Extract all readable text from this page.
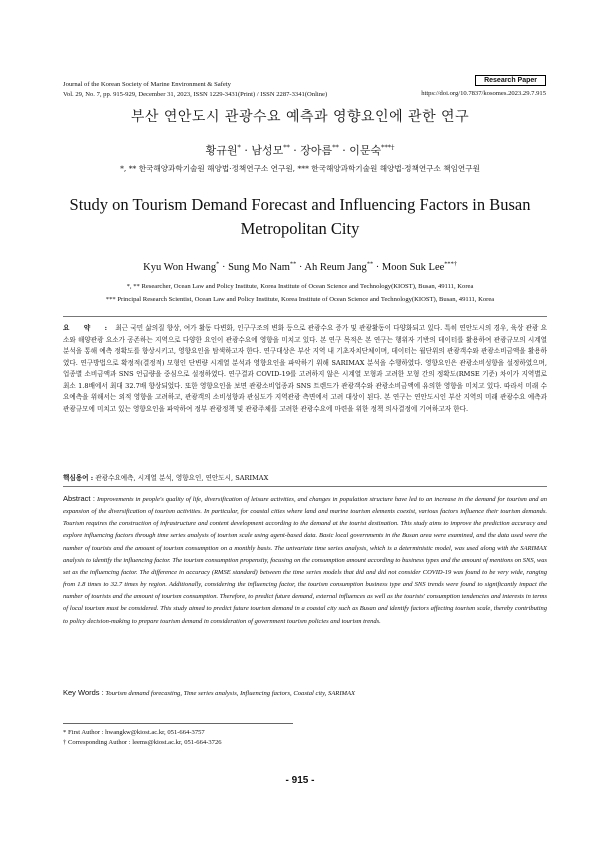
Journal of the Korean Society of Marine Environment & Safety
Vol. 29, No. 7, pp. 915-929, December 31, 2023, ISSN 1229-3431(Print) / ISSN 2287-3341(Online)
Research Paper
https://doi.org/10.7837/kosomes.2023.29.7.915
부산 연안도시 관광수요 예측과 영향요인에 관한 연구
황규원* · 남성모** · 장아름** · 이문숙***†
*, ** 한국해양과학기술원 해양법·정책연구소 연구원, *** 한국해양과학기술원 해양법·정책연구소 책임연구원
Study on Tourism Demand Forecast and Influencing Factors in Busan Metropolitan City
Kyu Won Hwang* · Sung Mo Nam** · Ah Reum Jang** · Moon Suk Lee***†
*, ** Researcher, Ocean Law and Policy Institute, Korea Institute of Ocean Science and Technology(KIOST), Busan, 49111, Korea
*** Principal Research Scientist, Ocean Law and Policy Institute, Korea Institute of Ocean Science and Technology(KIOST), Busan, 49111, Korea
요 약 : 최근 국민 삶의질 향상, 여가 활동 다변화, 인구구조의 변화 등으로 관광수요 증가 및 관광활동이 다양화되고 있다. 특히 연안도시의 경우, 육상 관광 요소와 해양관광 요소가 공존하는 지역으로 다양한 요인이 관광수요에 영향을 미치고 있다. 본 연구 목적은 본 연구는 행위자 기반의 데이터를 활용하여 관광규모의 시계열 분석을 통해 예측 정확도를 향상시키고, 영향요인을 탐색하고자 한다. 연구대상은 부산 지역 내 기초자치단체이며, 데이터는 월단위의 관광객수와 관광소비금액을 활용하였다. 연구방법으로 확정적(결정적) 모형인 단변량 시계열 분석과 영향요인을 파악하기 위해 SARIMAX 분석을 수행하였다. 영향요인은 관광소비성향을 설정하였으며, 업종별 소비금액과 SNS 언급량을 중심으로 설정하였다. 연구결과 COVID-19를 고려하지 않은 시계열 모형과 고려한 모형 간의 정확도(RMSE 기준) 차이가 지역별로 최소 1.8배에서 최대 32.7배 향상되었다. 또한 영향요인을 보면 관광소비업종과 SNS 트렌드가 관광객수와 관광소비금액에 유의한 영향을 미치고 있다. 따라서 미래 수요예측을 위해서는 외적 영향을 고려하고, 관광객의 소비성향과 관심도가 지역관광 측면에서 고려 대상이 된다. 본 연구는 연안도시인 부산 지역의 미래 관광수요 예측과 관광규모에 미치고 있는 영향요인을 파악하여 정부 관광정책 및 관광주체를 고려한 관광수요에 마련을 위한 정책 의사결정에 기여하고자 한다.
핵심용어 : 관광수요예측, 시계열 분석, 영향요인, 연안도시, SARIMAX
Abstract : Improvements in people's quality of life, diversification of leisure activities, and changes in population structure have led to an increase in the demand for tourism and an expansion of the diversification of tourism activities. In particular, for coastal cities where land and marine tourism elements coexist, various factors influence their tourism demands. Tourism requires the construction of infrastructure and content development according to the demand at the tourist destination. This study aims to improve the prediction accuracy and explore influencing factors through time series analysis of tourism scale using agent-based data. Basic local governments in the Busan area were examined, and the data used were the number of tourists and the amount of tourism consumption on a monthly basis. The univariate time series analysis, which is a deterministic model, was used along with the SARIMAX analysis to identify the influencing factor. The tourism consumption propensity, focusing on the consumption amount according to business types and the amount of mentions on SNS, was set as the influencing factor. The difference in accuracy (RMSE standard) between the time series models that did and did not consider COVID-19 was found to be very wide, ranging from 1.8 times to 32.7 times by region. Additionally, considering the influencing factor, the tourism consumption business type and SNS trends were found to significantly impact the number of tourists and the amount of tourism consumption. Therefore, to predict future demand, external influences as well as the tourists' consumption tendencies and interests in terms of local tourism must be considered. This study aimed to predict future tourism demand in a coastal city such as Busan and identify factors affecting tourism scale, thereby contributing to policy decision-making to prepare tourism demand in consideration of government tourism policies and tourism trends.
Key Words : Tourism demand forecasting, Time series analysis, Influencing factors, Coastal city, SARIMAX
* First Author : hwangkw@kiost.ac.kr, 051-664-3757
† Corresponding Author : leems@kiost.ac.kr, 051-664-3726
- 915 -
